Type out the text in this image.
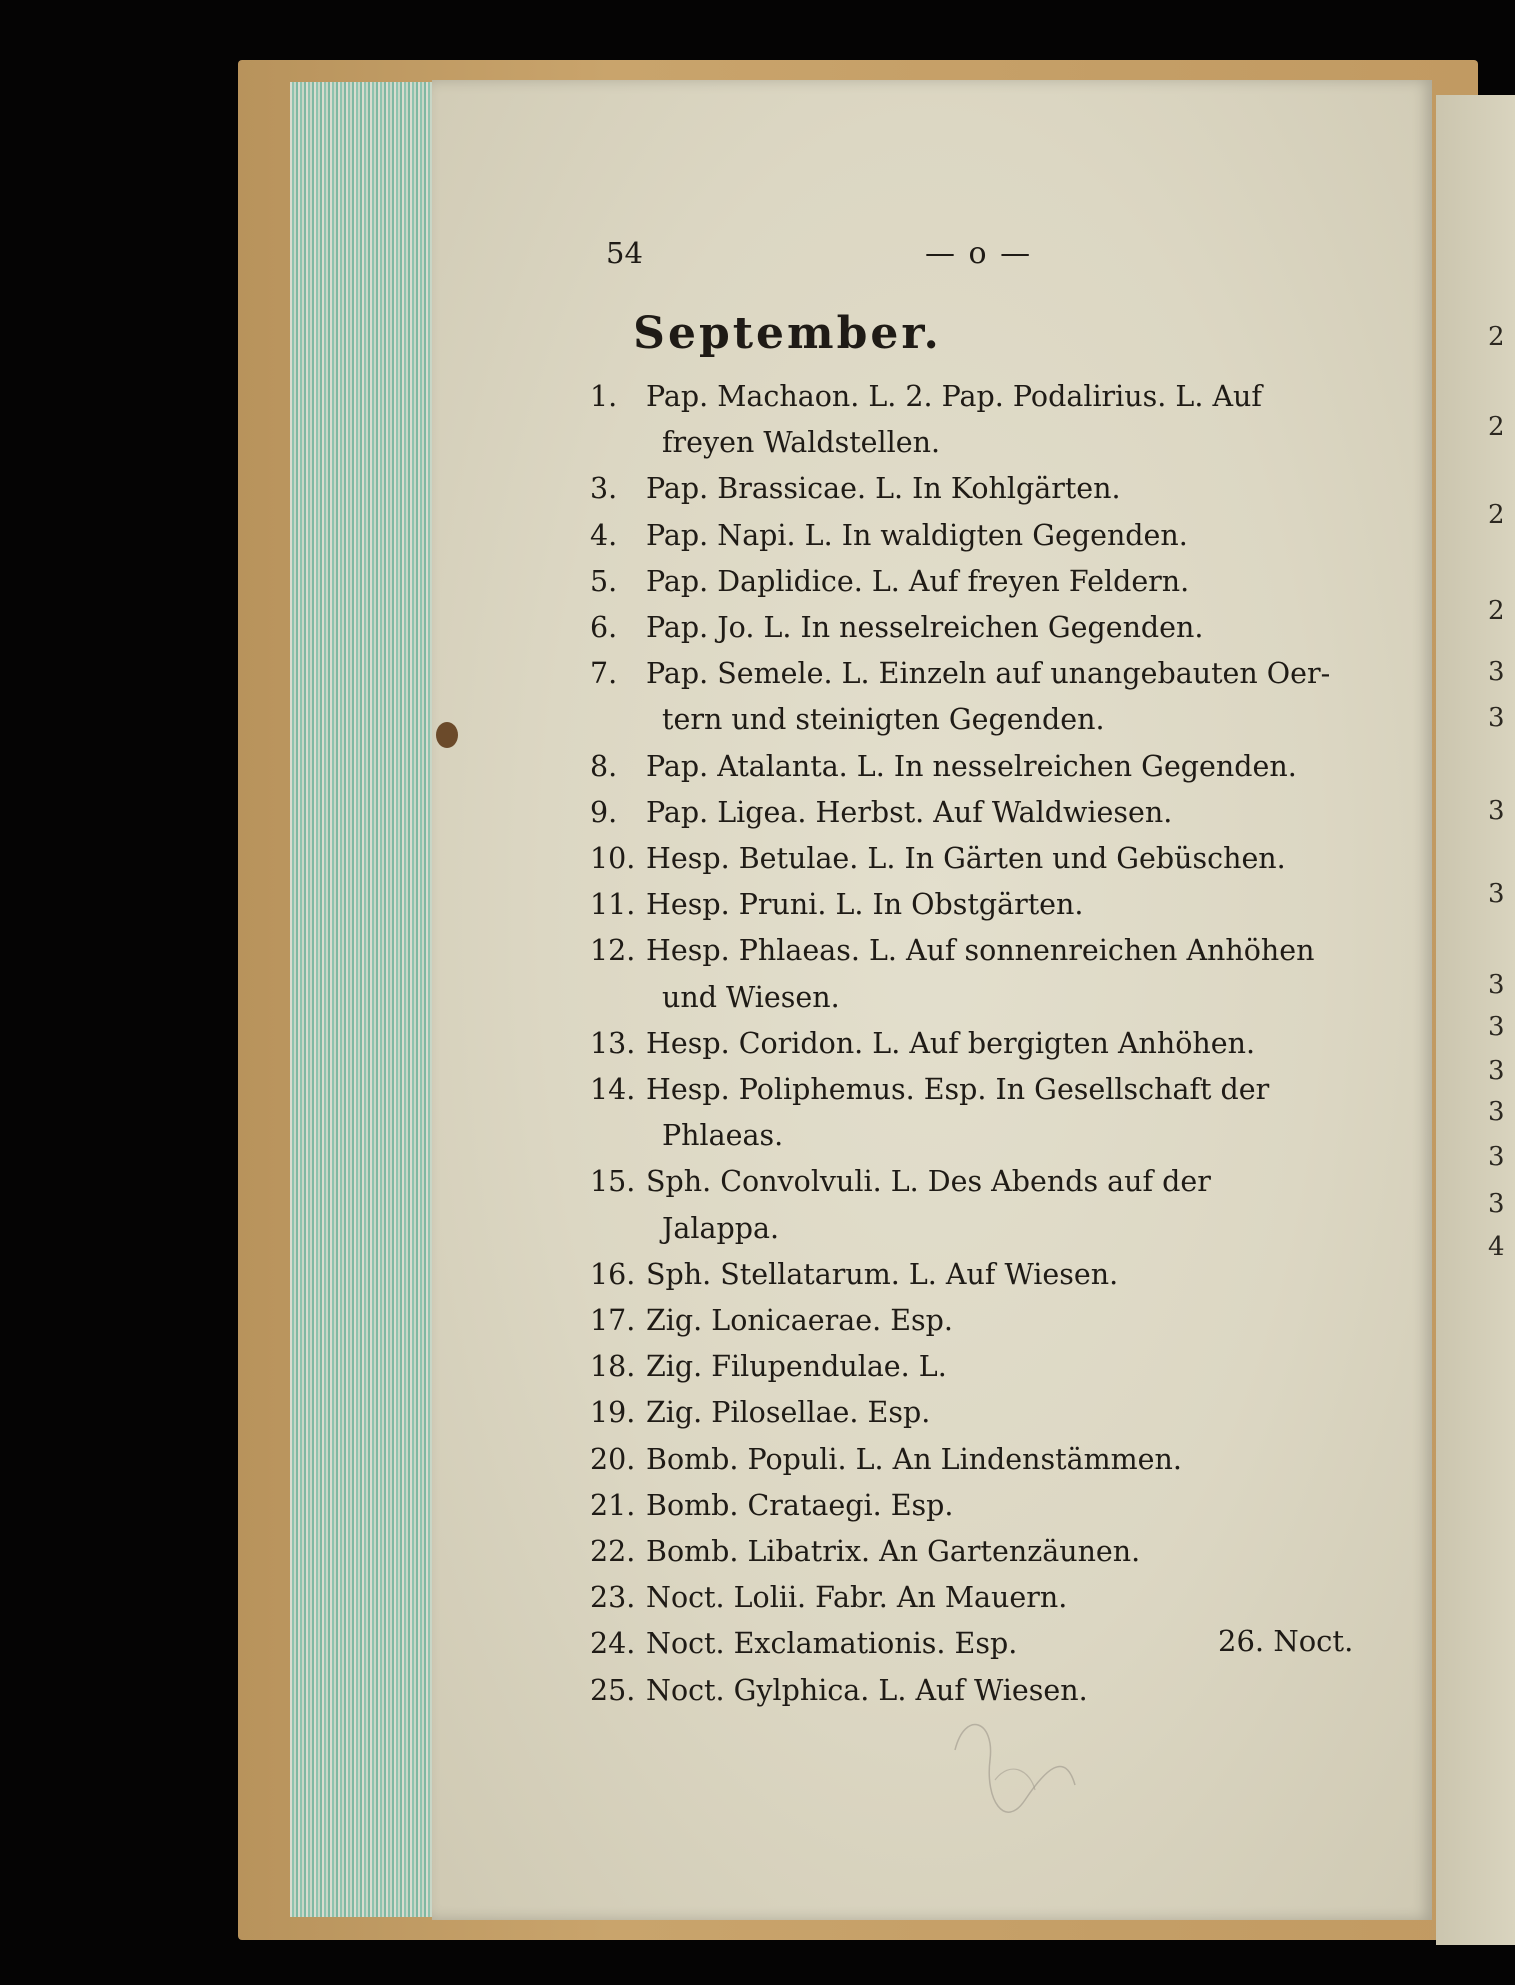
54	— o —
September.
1. Pap. Machaon. L. 2. Pap. Podalirius. L. Auf
freyen Waldstellen.
3. Pap. Brassicae. L. In Kohlgärten.
4. Pap. Napi. L. In waldigten Gegenden.
5. Pap. Daplidice. L. Auf freyen Feldern.
6. Pap. Jo. L. In nesselreichen Gegenden.
7. Pap. Semele. L. Einzeln auf unangebauten Oer-
tern und steinigten Gegenden.
8. Pap. Atalanta. L. In nesselreichen Gegenden.
9. Pap. Ligea. Herbst. Auf Waldwiesen.
10. Hesp. Betulae. L. In Gärten und Gebüschen.
11. Hesp. Pruni. L. In Obstgärten.
12. Hesp. Phlaeas. L. Auf sonnenreichen Anhöhen
und Wiesen.
13. Hesp. Coridon. L. Auf bergigten Anhöhen.
14. Hesp. Poliphemus. Esp. In Gesellschaft der
Phlaeas.
15. Sph. Convolvuli. L. Des Abends auf der
Jalappa.
16. Sph. Stellatarum. L. Auf Wiesen.
17. Zig. Lonicaerae. Esp.
18. Zig. Filupendulae. L.
19. Zig. Pilosellae. Esp.
20. Bomb. Populi. L. An Lindenstämmen.
21. Bomb. Crataegi. Esp.
22. Bomb. Libatrix. An Gartenzäunen.
23. Noct. Lolii. Fabr. An Mauern.
24. Noct. Exclamationis. Esp.
25. Noct. Gylphica. L. Auf Wiesen.
26. Noct.
2
2
2
2
3
3
3
3
3
3
3
3
3
3
4
